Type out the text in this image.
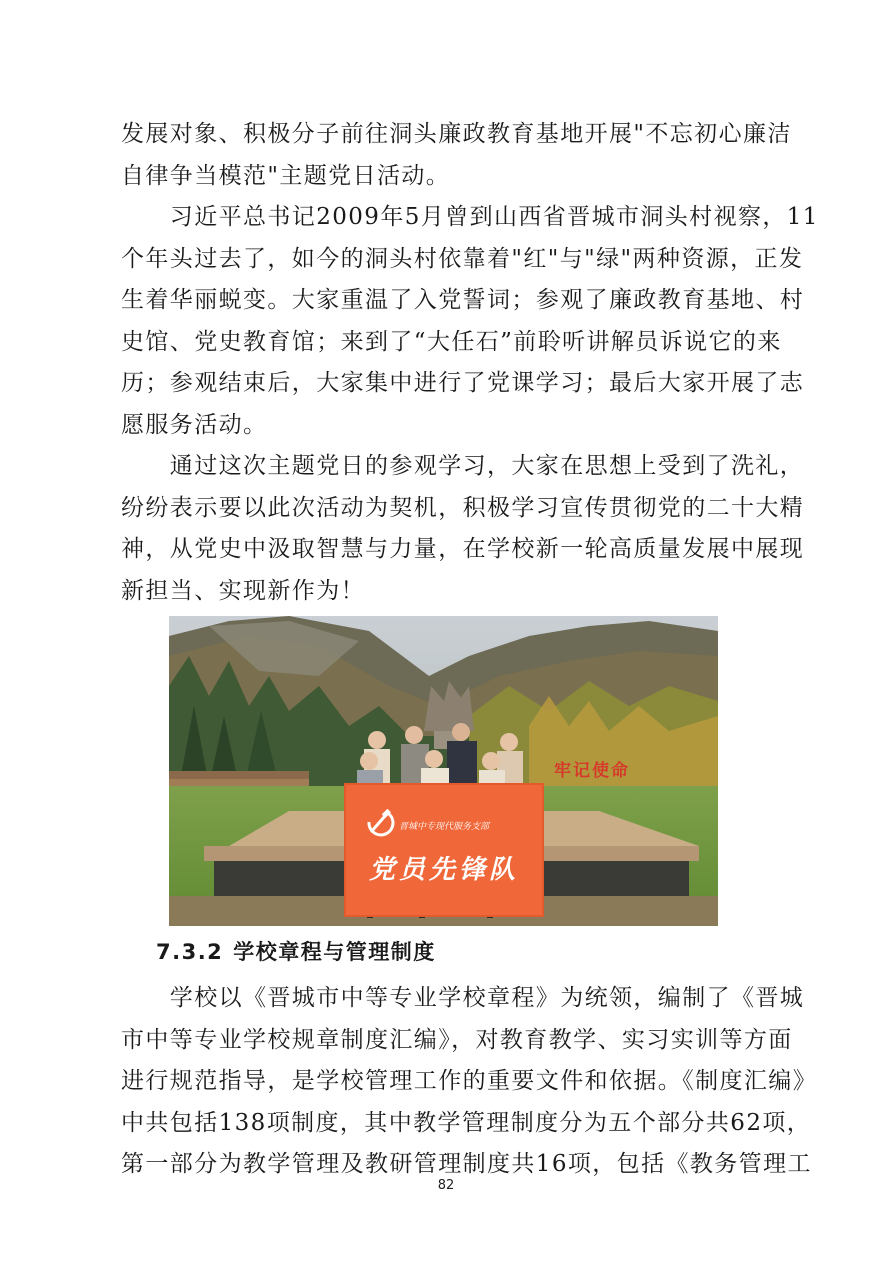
发展对象、积极分子前往洞头廉政教育基地开展"不忘初心廉洁
自律争当模范"主题党日活动。
　　习近平总书记2009年5月曾到山西省晋城市洞头村视察，11
个年头过去了，如今的洞头村依靠着"红"与"绿"两种资源，正发
生着华丽蜕变。大家重温了入党誓词；参观了廉政教育基地、村
史馆、党史教育馆；来到了“大任石”前聆听讲解员诉说它的来
历；参观结束后，大家集中进行了党课学习；最后大家开展了志
愿服务活动。
　　通过这次主题党日的参观学习，大家在思想上受到了洗礼，
纷纷表示要以此次活动为契机，积极学习宣传贯彻党的二十大精
神，从党史中汲取智慧与力量，在学校新一轮高质量发展中展现
新担当、实现新作为！
牢记使命
晋城中专现代服务支部
党员先锋队
7.3.2 学校章程与管理制度
　　学校以《晋城市中等专业学校章程》为统领，编制了《晋城
市中等专业学校规章制度汇编》，对教育教学、实习实训等方面
进行规范指导，是学校管理工作的重要文件和依据。《制度汇编》
中共包括138项制度，其中教学管理制度分为五个部分共62项，
第一部分为教学管理及教研管理制度共16项，包括《教务管理工
82
